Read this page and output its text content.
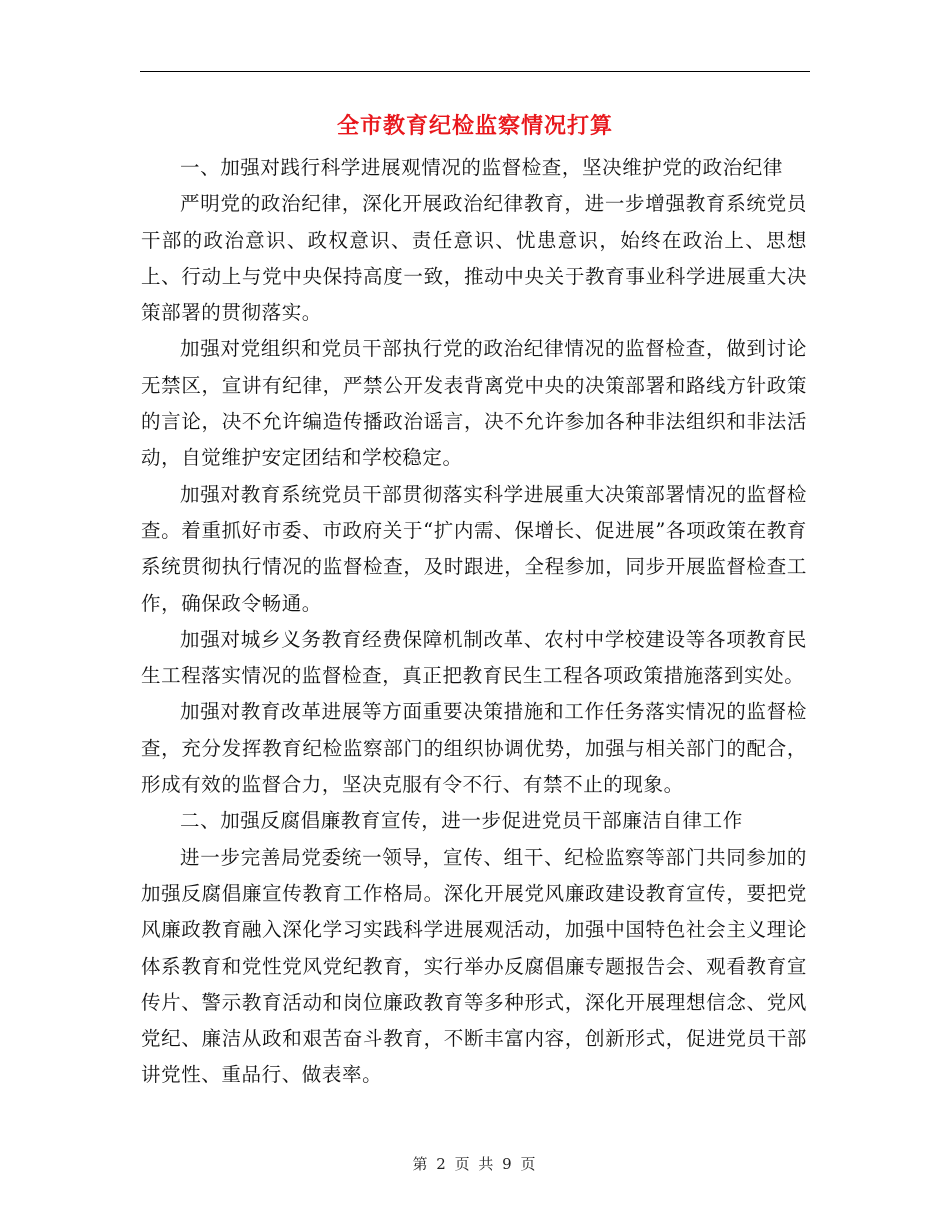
全市教育纪检监察情况打算

一、加强对践行科学进展观情况的监督检查，坚决维护党的政治纪律

严明党的政治纪律，深化开展政治纪律教育，进一步增强教育系统党员干部的政治意识、政权意识、责任意识、忧患意识，始终在政治上、思想上、行动上与党中央保持高度一致，推动中央关于教育事业科学进展重大决策部署的贯彻落实。

加强对党组织和党员干部执行党的政治纪律情况的监督检查，做到讨论无禁区，宣讲有纪律，严禁公开发表背离党中央的决策部署和路线方针政策的言论，决不允许编造传播政治谣言，决不允许参加各种非法组织和非法活动，自觉维护安定团结和学校稳定。

加强对教育系统党员干部贯彻落实科学进展重大决策部署情况的监督检查。着重抓好市委、市政府关于“扩内需、保增长、促进展”各项政策在教育系统贯彻执行情况的监督检查，及时跟进，全程参加，同步开展监督检查工作，确保政令畅通。

加强对城乡义务教育经费保障机制改革、农村中学校建设等各项教育民生工程落实情况的监督检查，真正把教育民生工程各项政策措施落到实处。

加强对教育改革进展等方面重要决策措施和工作任务落实情况的监督检查，充分发挥教育纪检监察部门的组织协调优势，加强与相关部门的配合，形成有效的监督合力，坚决克服有令不行、有禁不止的现象。

二、加强反腐倡廉教育宣传，进一步促进党员干部廉洁自律工作

进一步完善局党委统一领导，宣传、组干、纪检监察等部门共同参加的加强反腐倡廉宣传教育工作格局。深化开展党风廉政建设教育宣传，要把党风廉政教育融入深化学习实践科学进展观活动，加强中国特色社会主义理论体系教育和党性党风党纪教育，实行举办反腐倡廉专题报告会、观看教育宣传片、警示教育活动和岗位廉政教育等多种形式，深化开展理想信念、党风党纪、廉洁从政和艰苦奋斗教育，不断丰富内容，创新形式，促进党员干部讲党性、重品行、做表率。

第 2 页 共 9 页
